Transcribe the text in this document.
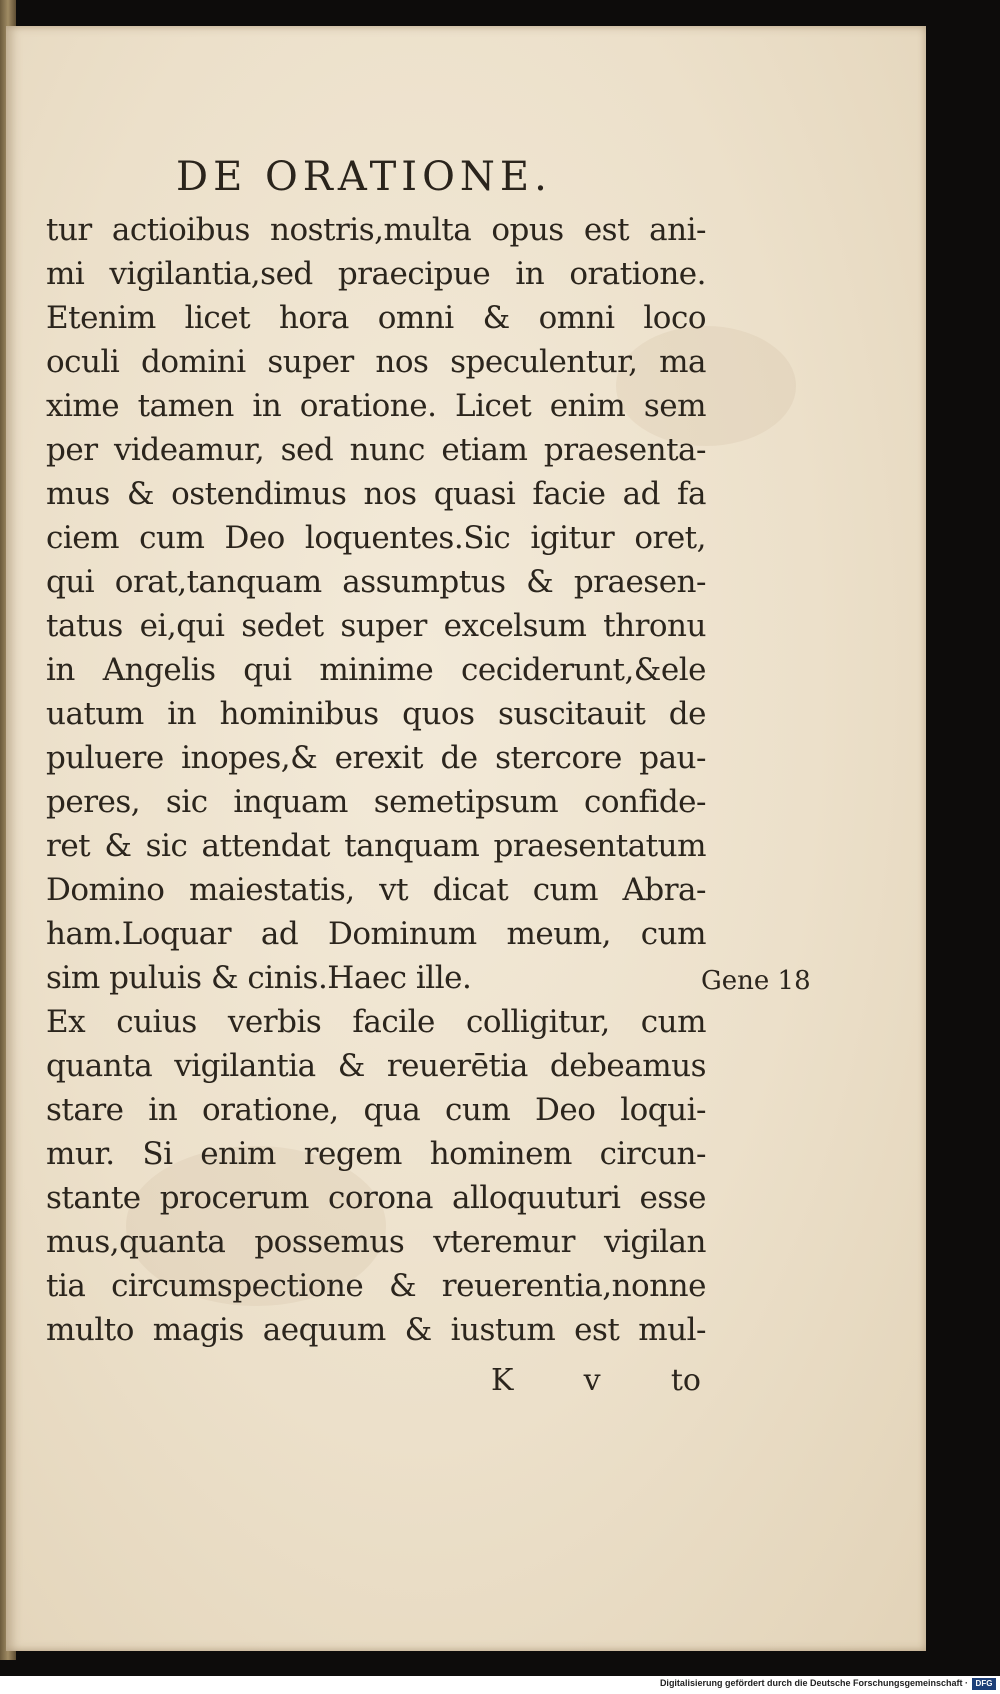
DE ORATIONE.
tur actioibus nostris,multa opus est ani-
mi vigilantia,sed praecipue in oratione.
Etenim licet hora omni & omni loco
oculi domini super nos speculentur, ma
xime tamen in oratione. Licet enim sem
per videamur, sed nunc etiam praesenta-
mus & ostendimus nos quasi facie ad fa
ciem cum Deo loquentes.Sic igitur oret,
qui orat,tanquam assumptus & praesen-
tatus ei,qui sedet super excelsum thronu
in Angelis qui minime ceciderunt,&ele
uatum in hominibus quos suscitauit de
puluere inopes,& erexit de stercore pau-
peres, sic inquam semetipsum confide-
ret & sic attendat tanquam praesentatum
Domino maiestatis, vt dicat cum Abra-
ham.Loquar ad Dominum meum, cum
sim puluis & cinis.Haec ille.
Ex cuius verbis facile colligitur, cum
quanta vigilantia & reuerētia debeamus
stare in oratione, qua cum Deo loqui-
mur. Si enim regem hominem circun-
stante procerum corona alloquuturi esse
mus,quanta possemus vteremur vigilan
tia circumspectione & reuerentia,nonne
multo magis aequum & iustum est mul-
Gene 18
K v to
Digitalisierung gefördert durch die Deutsche Forschungsgemeinschaft · DFG
